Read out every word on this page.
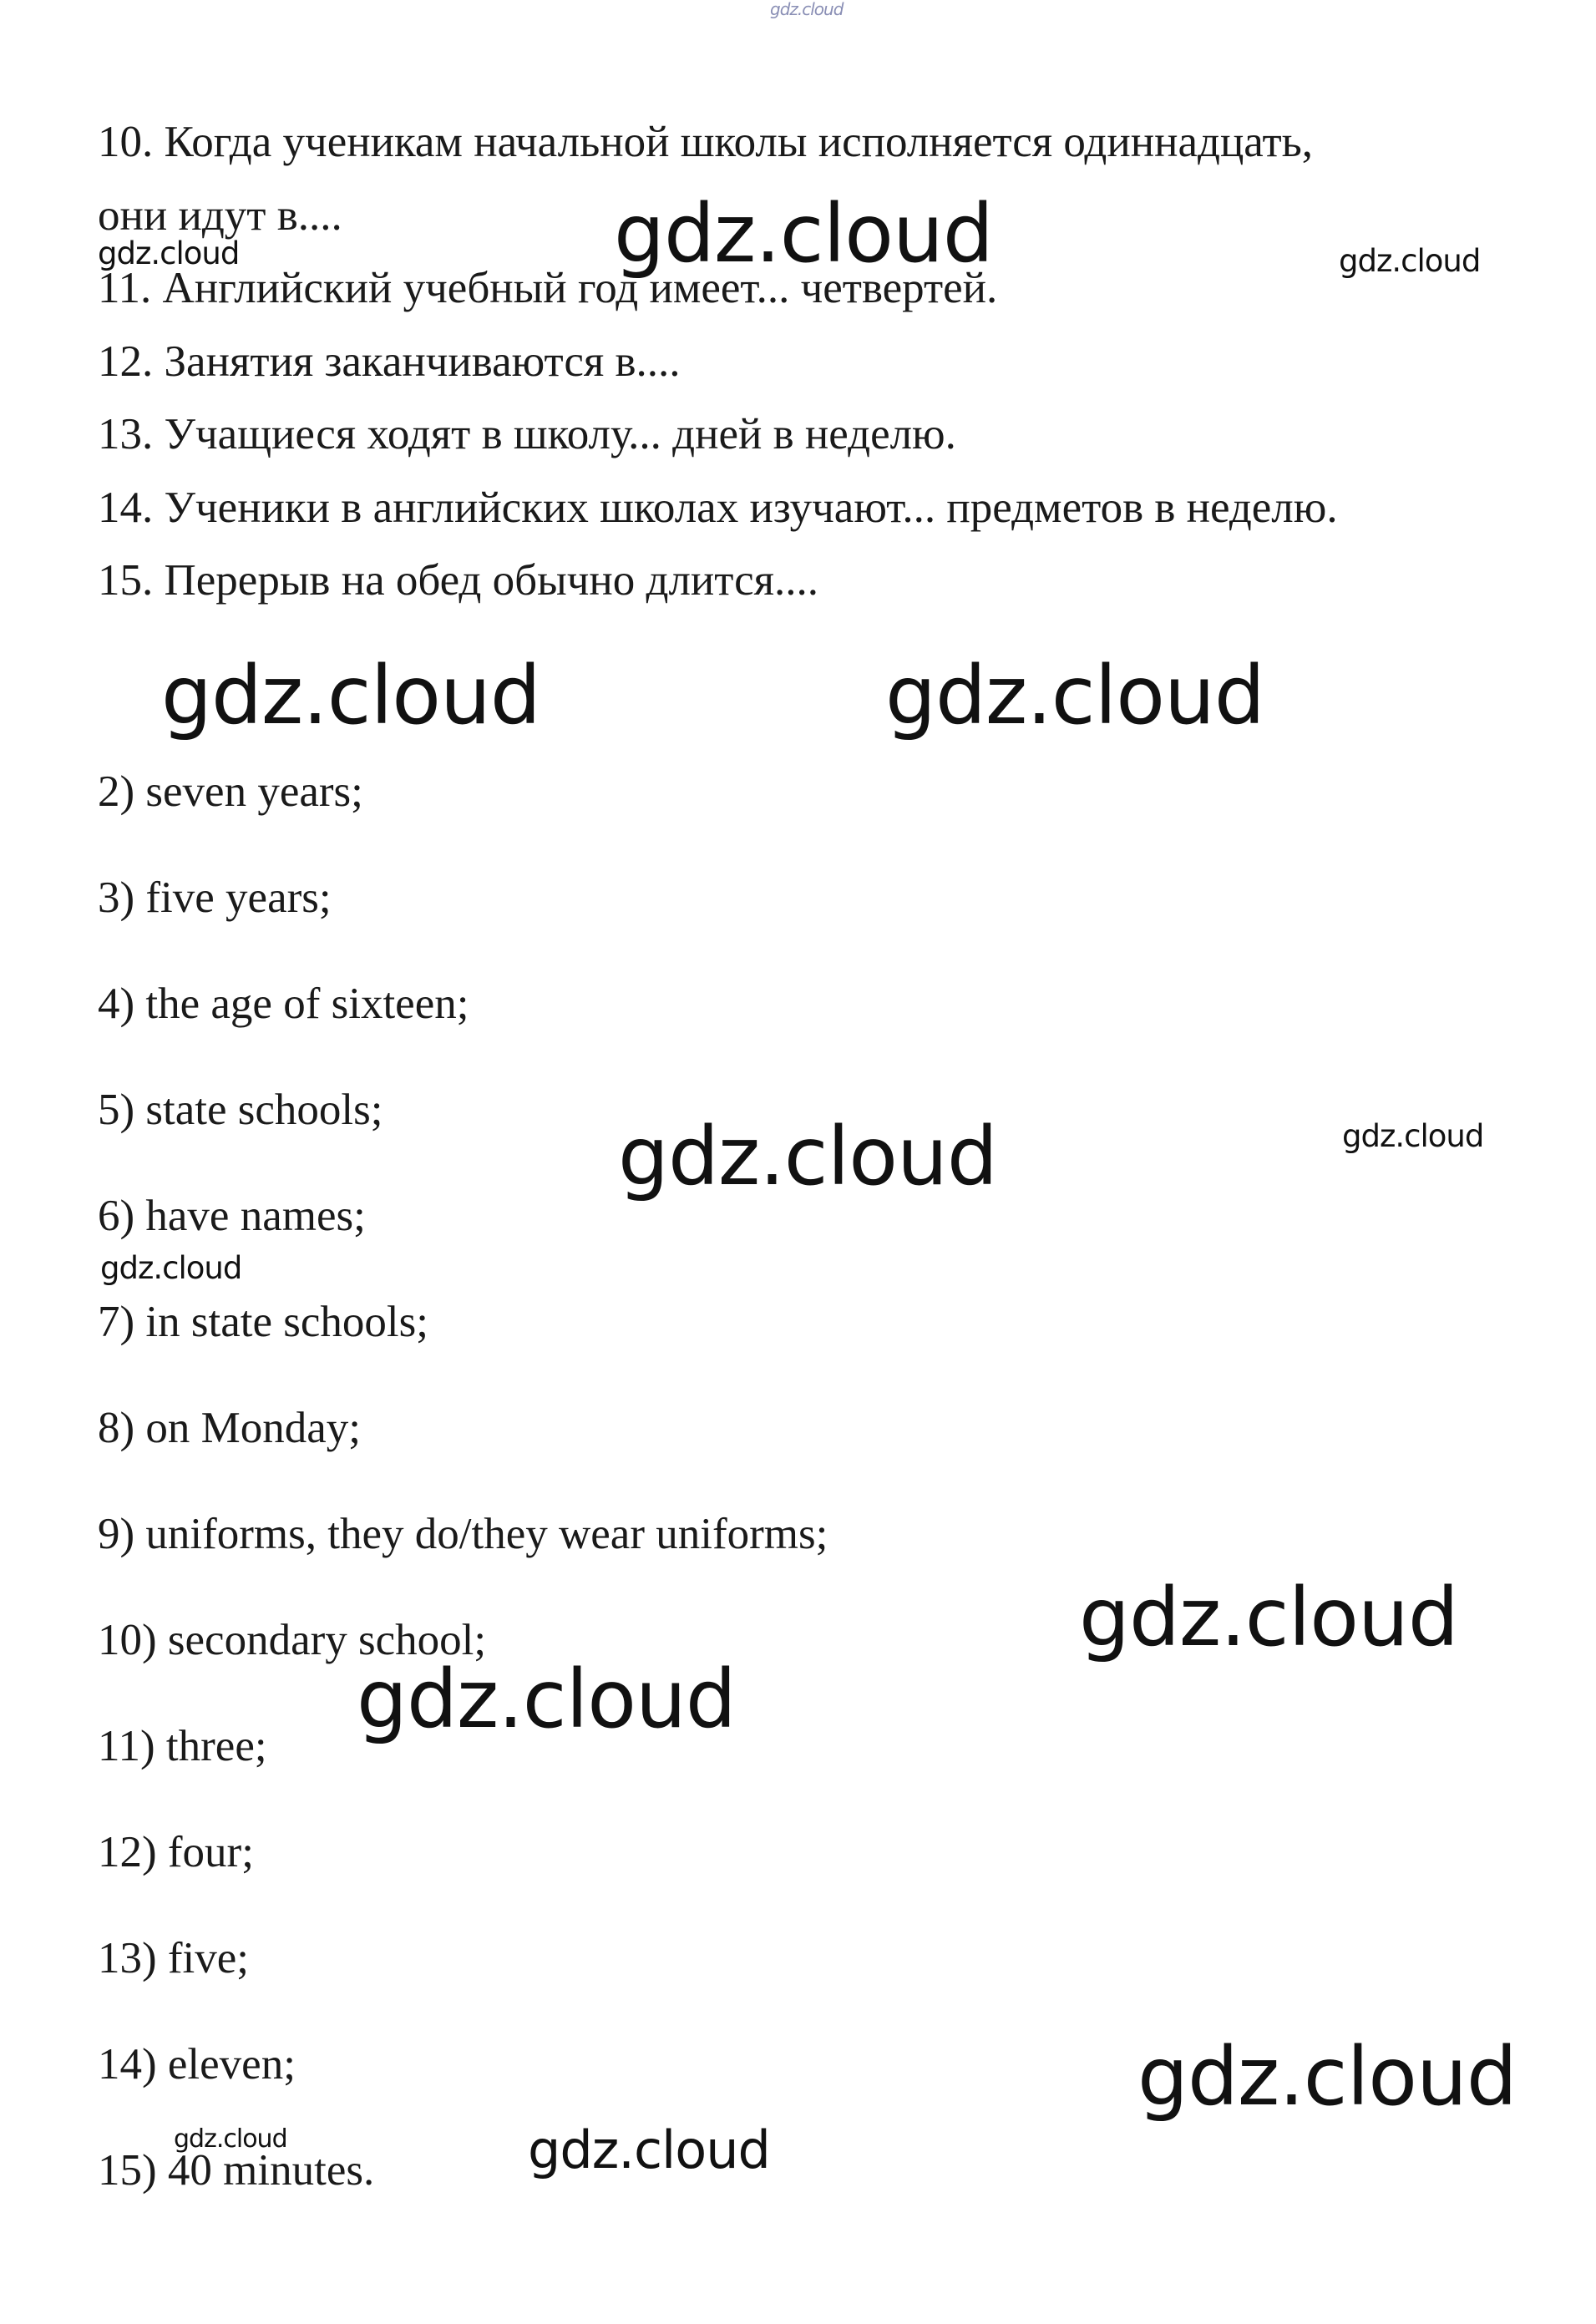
gdz.cloud
10. Когда ученикам начальной школы исполняется одиннадцать,
они идут в....
11. Английский учебный год имеет... четвертей.
12. Занятия заканчиваются в....
13. Учащиеся ходят в школу... дней в неделю.
14. Ученики в английских школах изучают... предметов в неделю.
15. Перерыв на обед обычно длится....
2) seven years;
3) five years;
4) the age of sixteen;
5) state schools;
6) have names;
7) in state schools;
8) on Monday;
9) uniforms, they do/they wear uniforms;
10) secondary school;
11) three;
12) four;
13) five;
14) eleven;
15) 40 minutes.
gdz.cloud	gdz.cloud	gdz.cloud
gdz.cloud	gdz.cloud
gdz.cloud	gdz.cloud
gdz.cloud
gdz.cloud
gdz.cloud
gdz.cloud
gdz.cloud	gdz.cloud
